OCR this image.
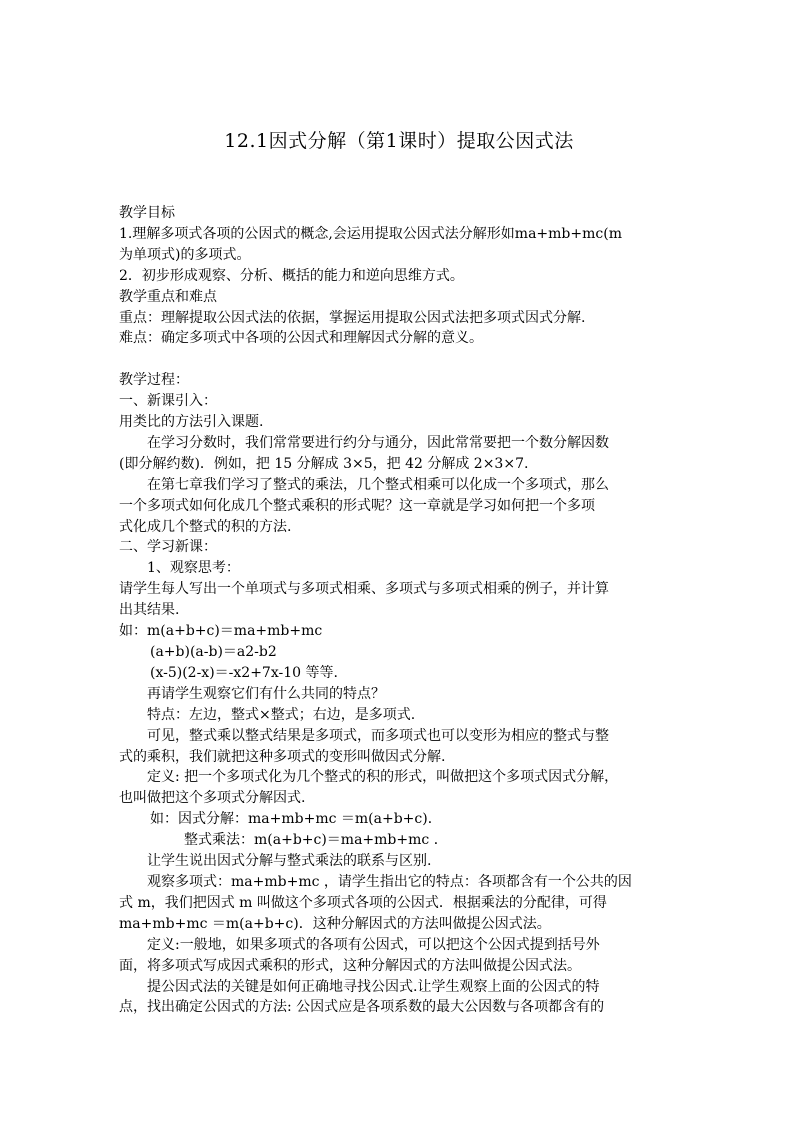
12.1因式分解（第1课时）提取公因式法

教学目标

1.理解多项式各项的公因式的概念,会运用提取公因式法分解形如ma+mb+mc(m

为单项式)的多项式。

2．初步形成观察、分析、概括的能力和逆向思维方式。

教学重点和难点

重点：理解提取公因式法的依据，掌握运用提取公因式法把多项式因式分解.

难点：确定多项式中各项的公因式和理解因式分解的意义。

教学过程：

一、新课引入：

用类比的方法引入课题.

在学习分数时，我们常常要进行约分与通分，因此常常要把一个数分解因数

(即分解约数)．例如，把 15 分解成 3×5，把 42 分解成 2×3×7.

在第七章我们学习了整式的乘法，几个整式相乘可以化成一个多项式，那么

一个多项式如何化成几个整式乘积的形式呢？这一章就是学习如何把一个多项

式化成几个整式的积的方法.

二、学习新课：

1、观察思考：

请学生每人写出一个单项式与多项式相乘、多项式与多项式相乘的例子，并计算

出其结果.

如：m(a+b+c)＝ma+mb+mc

(a+b)(a-b)＝a2-b2

(x-5)(2-x)＝-x2+7x-10 等等.

再请学生观察它们有什么共同的特点？

特点：左边，整式×整式；右边，是多项式.

可见，整式乘以整式结果是多项式，而多项式也可以变形为相应的整式与整

式的乘积，我们就把这种多项式的变形叫做因式分解.

定义: 把一个多项式化为几个整式的积的形式，叫做把这个多项式因式分解，

也叫做把这个多项式分解因式.

如：因式分解：ma+mb+mc ＝m(a+b+c)．

整式乘法：m(a+b+c)＝ma+mb+mc ．

让学生说出因式分解与整式乘法的联系与区别.

观察多项式：ma+mb+mc ，请学生指出它的特点：各项都含有一个公共的因

式 m，我们把因式 m 叫做这个多项式各项的公因式．根据乘法的分配律，可得

ma+mb+mc ＝m(a+b+c)．这种分解因式的方法叫做提公因式法。

定义:一般地，如果多项式的各项有公因式，可以把这个公因式提到括号外

面，将多项式写成因式乘积的形式，这种分解因式的方法叫做提公因式法。

提公因式法的关键是如何正确地寻找公因式.让学生观察上面的公因式的特

点，找出确定公因式的方法: 公因式应是各项系数的最大公因数与各项都含有的
